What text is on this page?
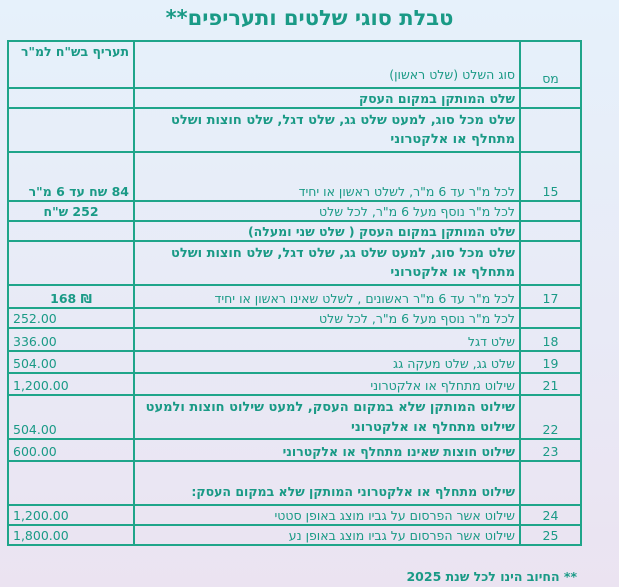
טבלת סוגי שלטים ותעריפים**
מס	סוג השלט (שלט ראשון)	תעריף בש"ח למ"ר
	שלט המותקן במקום העסק	
	שלט מכל סוג, למעט שלט גג, שלט דגל, שלט חוצות ושלט מתחלף או אלקטרוני	
15	לכל מ"ר עד 6 מ"ר, לשלט ראשון או יחיד	84 שח עד 6 מ"ר
	לכל מ"ר נוסף מעל 6 מ"ר, לכל שלט	252 ש"ח
	שלט המותקן במקום העסק ( שלט שני ומעלה)	
	שלט מכל סוג, למעט שלט גג, שלט דגל, שלט חוצות ושלט מתחלף או אלקטרוני	
17	לכל מ"ר עד 6 מ"ר ראשונים , לשלט שאינו ראשון או יחיד	₪ 168
	לכל מ"ר נוסף מעל 6 מ"ר, לכל שלט	252.00
18	שלט דגל	336.00
19	שלט גג, שלט מעקה גג	504.00
21	שילוט מתחלף או אלקטרוני	1,200.00
22	שילוט המותקן שלא במקום העסק, למעט שילוט חוצות ולמעט שילוט מתחלף או אלקטרוני	504.00
23	שילוט חוצות שאינו מתחלף או אלקטרוני	600.00
	שילוט מתחלף או אלקטרוני המותקן שלא במקום העסק:	
24	שילוט אשר הפרסום על גביו מוצג באופן סטטי	1,200.00
25	שילוט אשר הפרסום על גביו מוצג באופן נע	1,800.00
** החיוב הינו לכל שנת 2025
